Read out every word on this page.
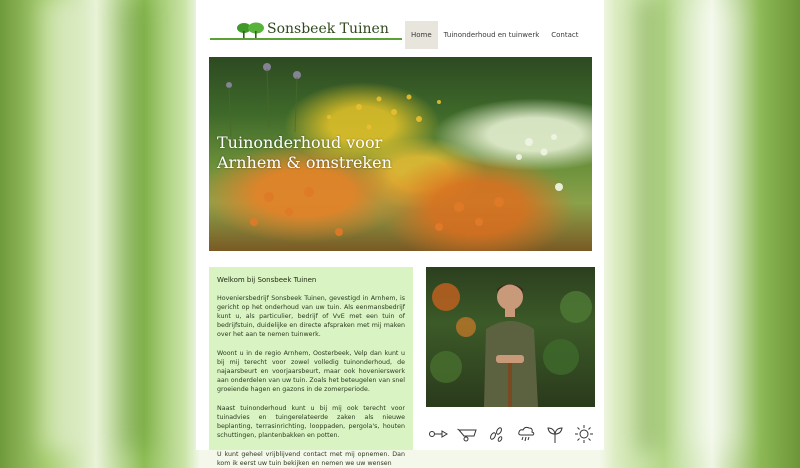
Sonsbeek Tuinen	Home	Tuinonderhoud en tuinwerk	Contact
Tuinonderhoud voor
Arnhem & omstreken
Welkom bij Sonsbeek Tuinen

Hoveniersbedrijf Sonsbeek Tuinen, gevestigd in Arnhem, is gericht op het onderhoud van uw tuin. Als eenmansbedrijf kunt u, als particulier, bedrijf of VvE met een tuin of bedrijfstuin, duidelijke en directe afspraken met mij maken over het aan te nemen tuinwerk.

Woont u in de regio Arnhem, Oosterbeek, Velp dan kunt u bij mij terecht voor zowel volledig tuinonderhoud, de najaarsbeurt en voorjaarsbeurt, maar ook hovenierswerk aan onderdelen van uw tuin. Zoals het beteugelen van snel groeiende hagen en gazons in de zomerperiode.

Naast tuinonderhoud kunt u bij mij ook terecht voor tuinadvies en tuingerelateerde zaken als nieuwe beplanting, terrasinrichting, looppaden, pergola's, houten schuttingen, plantenbakken en potten.

U kunt geheel vrijblijvend contact met mij opnemen. Dan kom ik eerst uw tuin bekijken en nemen we uw wensen
